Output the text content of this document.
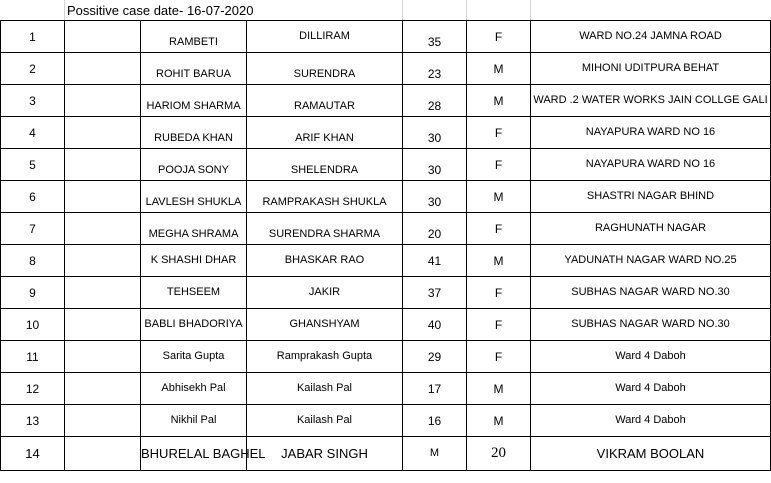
Possitive case date- 16-07-2020
1		RAMBETI	DILLIRAM	35	F	WARD NO.24 JAMNA ROAD
2		ROHIT BARUA	SURENDRA	23	M	MIHONI UDITPURA BEHAT
3		HARIOM SHARMA	RAMAUTAR	28	M	WARD .2 WATER WORKS JAIN COLLGE GALI
4		RUBEDA KHAN	ARIF KHAN	30	F	NAYAPURA WARD NO 16
5		POOJA SONY	SHELENDRA	30	F	NAYAPURA WARD NO 16
6		LAVLESH SHUKLA	RAMPRAKASH SHUKLA	30	M	SHASTRI NAGAR BHIND
7		MEGHA SHRAMA	SURENDRA SHARMA	20	F	RAGHUNATH NAGAR
8		K SHASHI DHAR	BHASKAR RAO	41	M	YADUNATH NAGAR WARD NO.25
9		TEHSEEM	JAKIR	37	F	SUBHAS NAGAR WARD NO.30
10		BABLI BHADORIYA	GHANSHYAM	40	F	SUBHAS NAGAR WARD NO.30
11		Sarita Gupta	Ramprakash Gupta	29	F	Ward 4 Daboh
12		Abhisekh Pal	Kailash Pal	17	M	Ward 4 Daboh
13		Nikhil Pal	Kailash Pal	16	M	Ward 4 Daboh
14		BHURELAL BAGHEL	JABAR SINGH	M	20	VIKRAM BOOLAN
